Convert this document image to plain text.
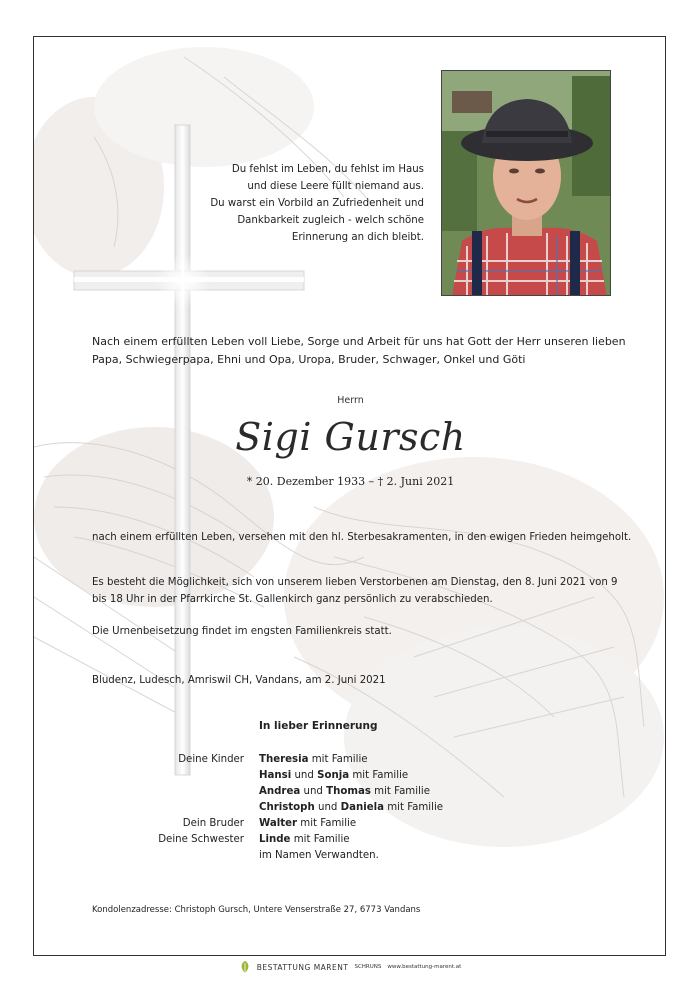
Du fehlst im Leben, du fehlst im Haus
und diese Leere füllt niemand aus.
Du warst ein Vorbild an Zufriedenheit und
Dankbarkeit zugleich - welch schöne
Erinnerung an dich bleibt.
Nach einem erfüllten Leben voll Liebe, Sorge und Arbeit für uns hat Gott der Herr unseren lieben Papa, Schwiegerpapa, Ehni und Opa, Uropa, Bruder, Schwager, Onkel und Göti
Herrn
Sigi Gursch
* 20. Dezember 1933 – † 2. Juni 2021
nach einem erfüllten Leben, versehen mit den hl. Sterbesakramenten, in den ewigen Frieden heimgeholt.
Es besteht die Möglichkeit, sich von unserem lieben Verstorbenen am Dienstag, den 8. Juni 2021 von 9 bis 18 Uhr in der Pfarrkirche St. Gallenkirch ganz persönlich zu verabschieden.
Die Urnenbeisetzung findet im engsten Familienkreis statt.
Bludenz, Ludesch, Amriswil CH, Vandans, am 2. Juni 2021
In lieber Erinnerung
Deine Kinder
Dein Bruder
Deine Schwester
Theresia mit Familie
Hansi und Sonja mit Familie
Andrea und Thomas mit Familie
Christoph und Daniela mit Familie
Walter mit Familie
Linde mit Familie
im Namen Verwandten.
Kondolenzadresse: Christoph Gursch, Untere Venserstraße 27, 6773 Vandans
BESTATTUNG MARENT SCHRUNS www.bestattung-marent.at
